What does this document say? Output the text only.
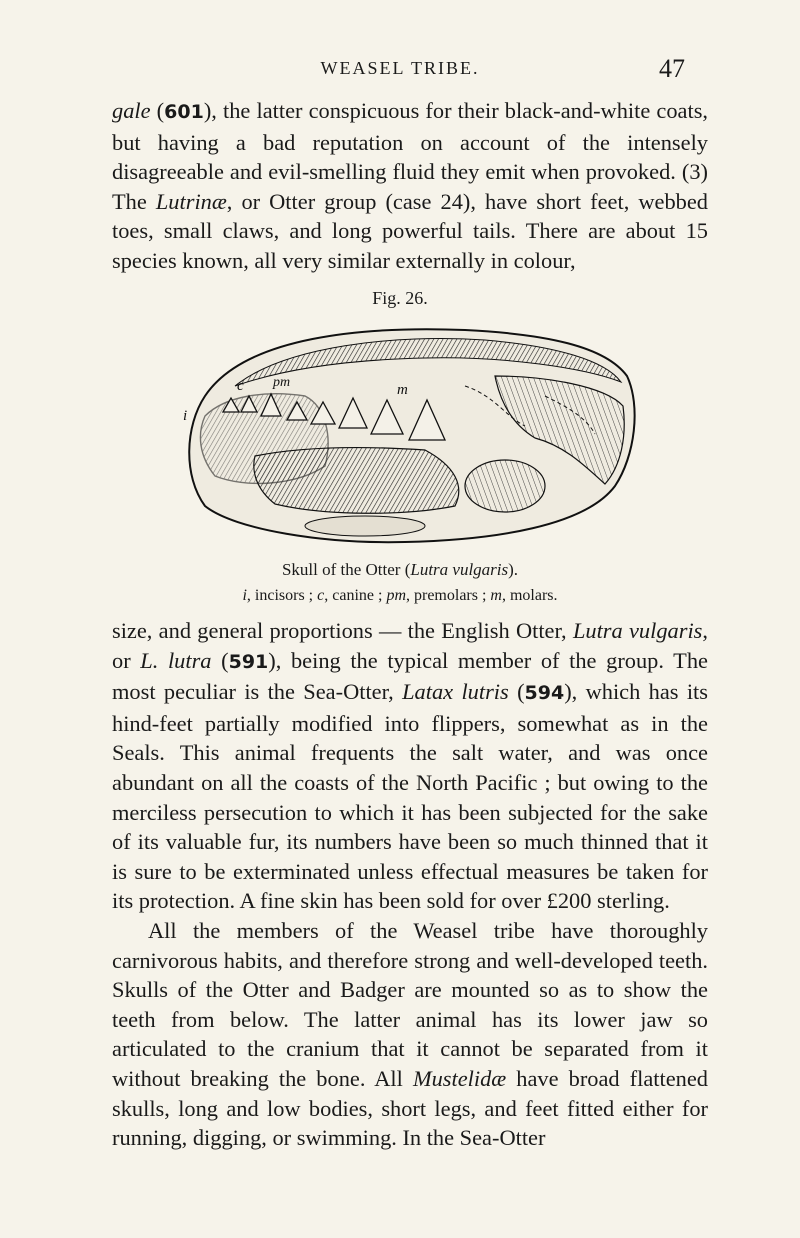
WEASEL TRIBE.	47

gale (601), the latter conspicuous for their black-and-white coats, but having a bad reputation on account of the intensely disagreeable and evil-smelling fluid they emit when provoked. (3) The Lutrinæ, or Otter group (case 24), have short feet, webbed toes, small claws, and long powerful tails. There are about 15 species known, all very similar externally in colour,

Fig. 26.
i
c pm	m
Skull of the Otter (Lutra vulgaris).
i, incisors ; c, canine ; pm, premolars ; m, molars.

size, and general proportions — the English Otter, Lutra vulgaris, or L. lutra (591), being the typical member of the group. The most peculiar is the Sea-Otter, Latax lutris (594), which has its hind-feet partially modified into flippers, somewhat as in the Seals. This animal frequents the salt water, and was once abundant on all the coasts of the North Pacific ; but owing to the merciless persecution to which it has been subjected for the sake of its valuable fur, its numbers have been so much thinned that it is sure to be exterminated unless effectual measures be taken for its protection. A fine skin has been sold for over £200 sterling.

All the members of the Weasel tribe have thoroughly carnivorous habits, and therefore strong and well-developed teeth. Skulls of the Otter and Badger are mounted so as to show the teeth from below. The latter animal has its lower jaw so articulated to the cranium that it cannot be separated from it without breaking the bone. All Mustelidæ have broad flattened skulls, long and low bodies, short legs, and feet fitted either for running, digging, or swimming. In the Sea-Otter
